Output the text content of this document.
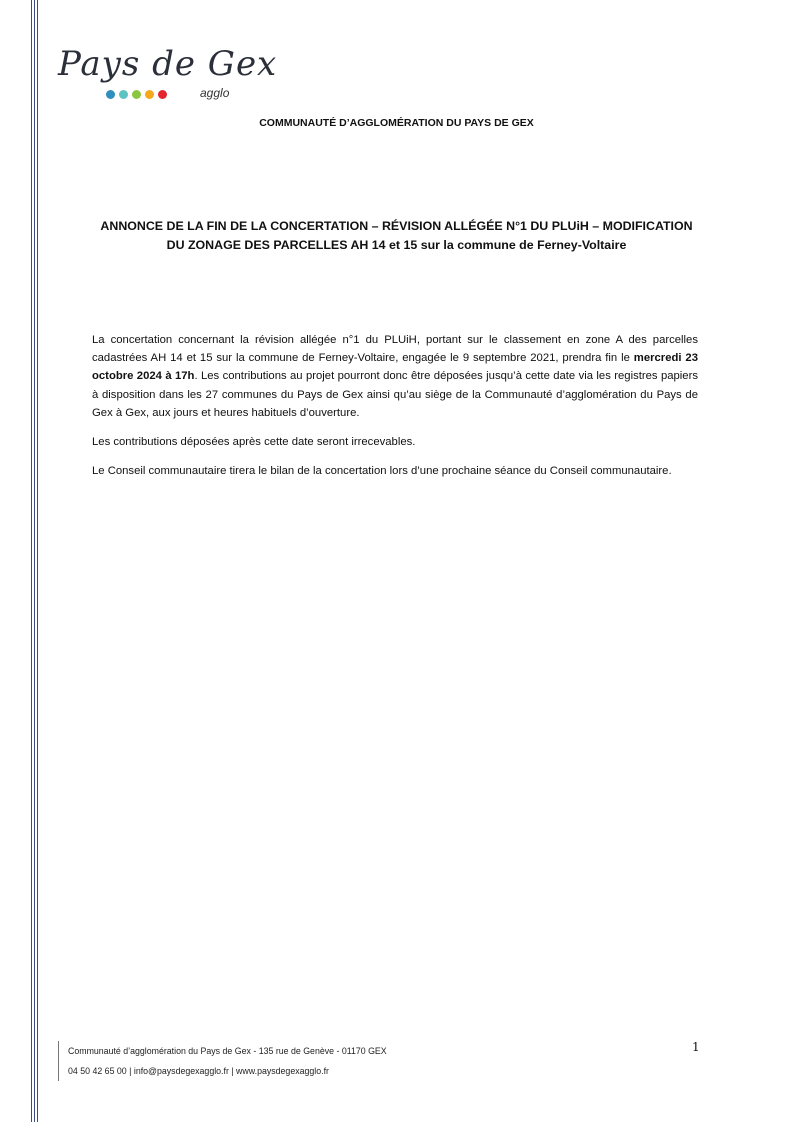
Pays de Gex
agglo
COMMUNAUTÉ D’AGGLOMÉRATION DU PAYS DE GEX
ANNONCE DE LA FIN DE LA CONCERTATION – RÉVISION ALLÉGÉE N°1 DU PLUiH – MODIFICATION DU ZONAGE DES PARCELLES AH 14 et 15 sur la commune de Ferney-Voltaire

La concertation concernant la révision allégée n°1 du PLUiH, portant sur le classement en zone A des parcelles cadastrées AH 14 et 15 sur la commune de Ferney-Voltaire, engagée le 9 septembre 2021, prendra fin le mercredi 23 octobre 2024 à 17h. Les contributions au projet pourront donc être déposées jusqu’à cette date via les registres papiers à disposition dans les 27 communes du Pays de Gex ainsi qu’au siège de la Communauté d’agglomération du Pays de Gex à Gex, aux jours et heures habituels d’ouverture.

Les contributions déposées après cette date seront irrecevables.

Le Conseil communautaire tirera le bilan de la concertation lors d’une prochaine séance du Conseil communautaire.

Communauté d’agglomération du Pays de Gex - 135 rue de Genève - 01170 GEX
04 50 42 65 00 | info@paysdegexagglo.fr | www.paysdegexagglo.fr
1
